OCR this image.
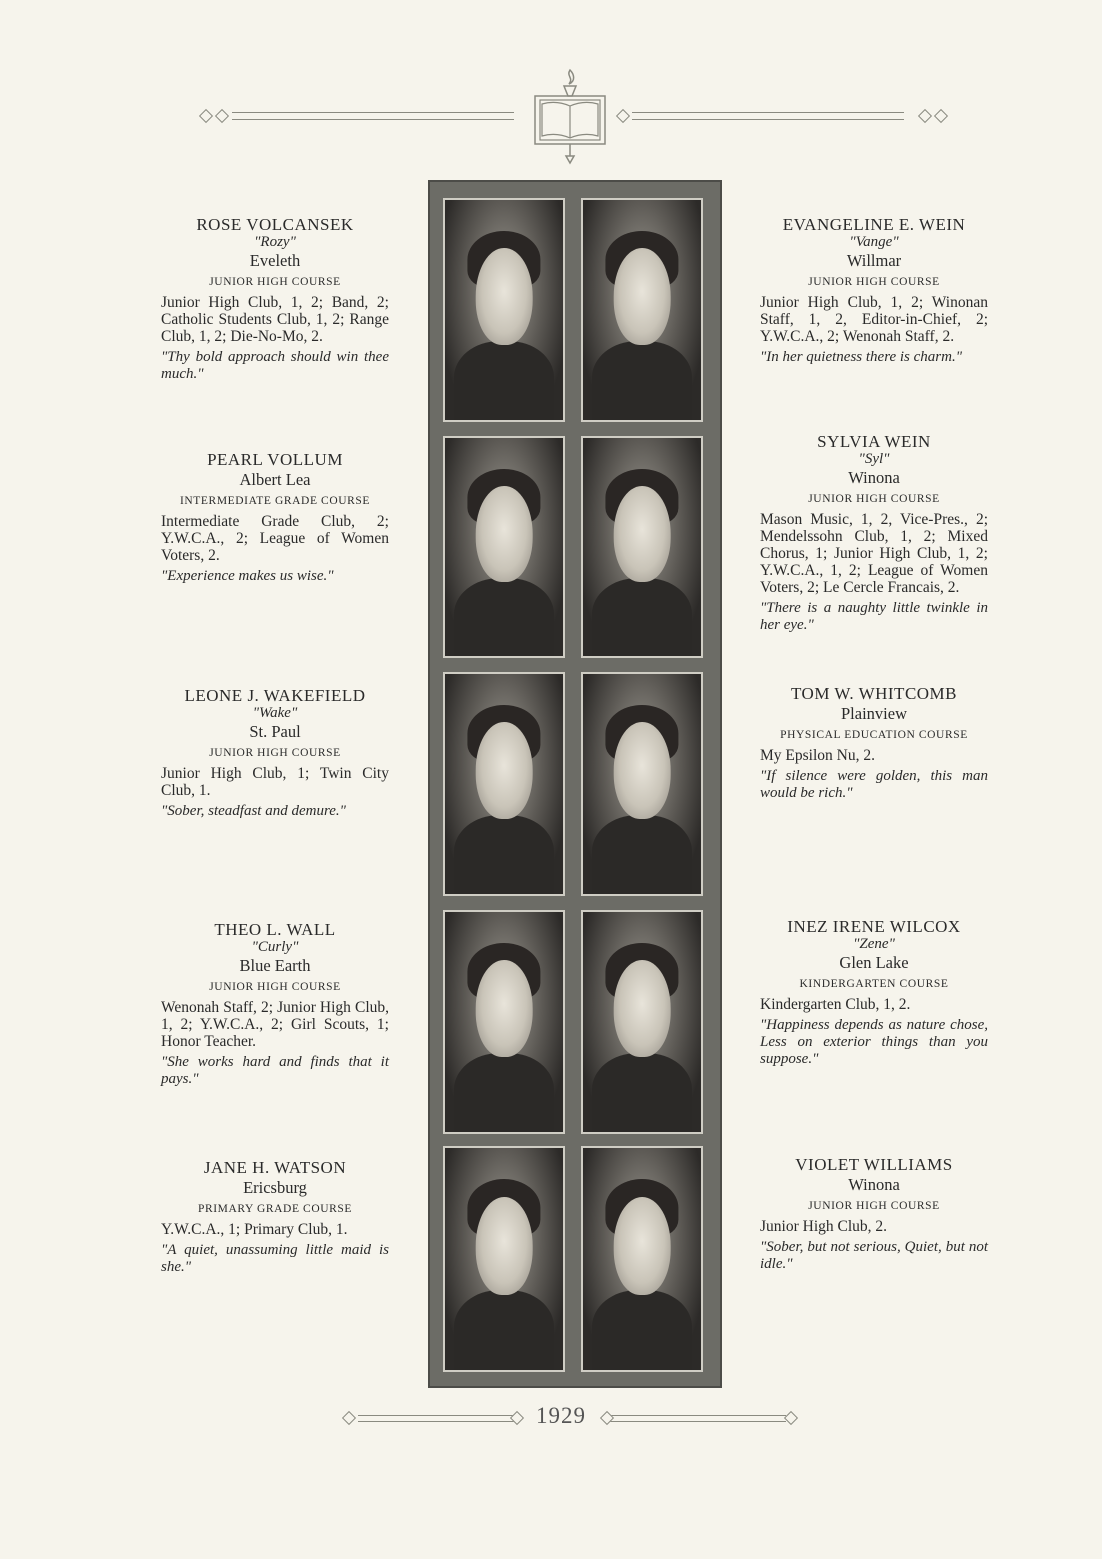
ROSE VOLCANSEK
"Rozy"
Eveleth
JUNIOR HIGH COURSE
Junior High Club, 1, 2; Band, 2; Catholic Students Club, 1, 2; Range Club, 1, 2; Die-No-Mo, 2.
"Thy bold approach should win thee much."
PEARL VOLLUM
Albert Lea
INTERMEDIATE GRADE COURSE
Intermediate Grade Club, 2; Y.W.C.A., 2; League of Women Voters, 2.
"Experience makes us wise."
LEONE J. WAKEFIELD
"Wake"
St. Paul
JUNIOR HIGH COURSE
Junior High Club, 1; Twin City Club, 1.
"Sober, steadfast and demure."
THEO L. WALL
"Curly"
Blue Earth
JUNIOR HIGH COURSE
Wenonah Staff, 2; Junior High Club, 1, 2; Y.W.C.A., 2; Girl Scouts, 1; Honor Teacher.
"She works hard and finds that it pays."
JANE H. WATSON
Ericsburg
PRIMARY GRADE COURSE
Y.W.C.A., 1; Primary Club, 1.
"A quiet, unassuming little maid is she."
EVANGELINE E. WEIN
"Vange"
Willmar
JUNIOR HIGH COURSE
Junior High Club, 1, 2; Winonan Staff, 1, 2, Editor-in-Chief, 2; Y.W.C.A., 2; Wenonah Staff, 2.
"In her quietness there is charm."
SYLVIA WEIN
"Syl"
Winona
JUNIOR HIGH COURSE
Mason Music, 1, 2, Vice-Pres., 2; Mendelssohn Club, 1, 2; Mixed Chorus, 1; Junior High Club, 1, 2; Y.W.C.A., 1, 2; League of Women Voters, 2; Le Cercle Francais, 2.
"There is a naughty little twinkle in her eye."
TOM W. WHITCOMB
Plainview
PHYSICAL EDUCATION COURSE
My Epsilon Nu, 2.
"If silence were golden, this man would be rich."
INEZ IRENE WILCOX
"Zene"
Glen Lake
KINDERGARTEN COURSE
Kindergarten Club, 1, 2.
"Happiness depends as nature chose, Less on exterior things than you suppose."
VIOLET WILLIAMS
Winona
JUNIOR HIGH COURSE
Junior High Club, 2.
"Sober, but not serious, Quiet, but not idle."
1929
